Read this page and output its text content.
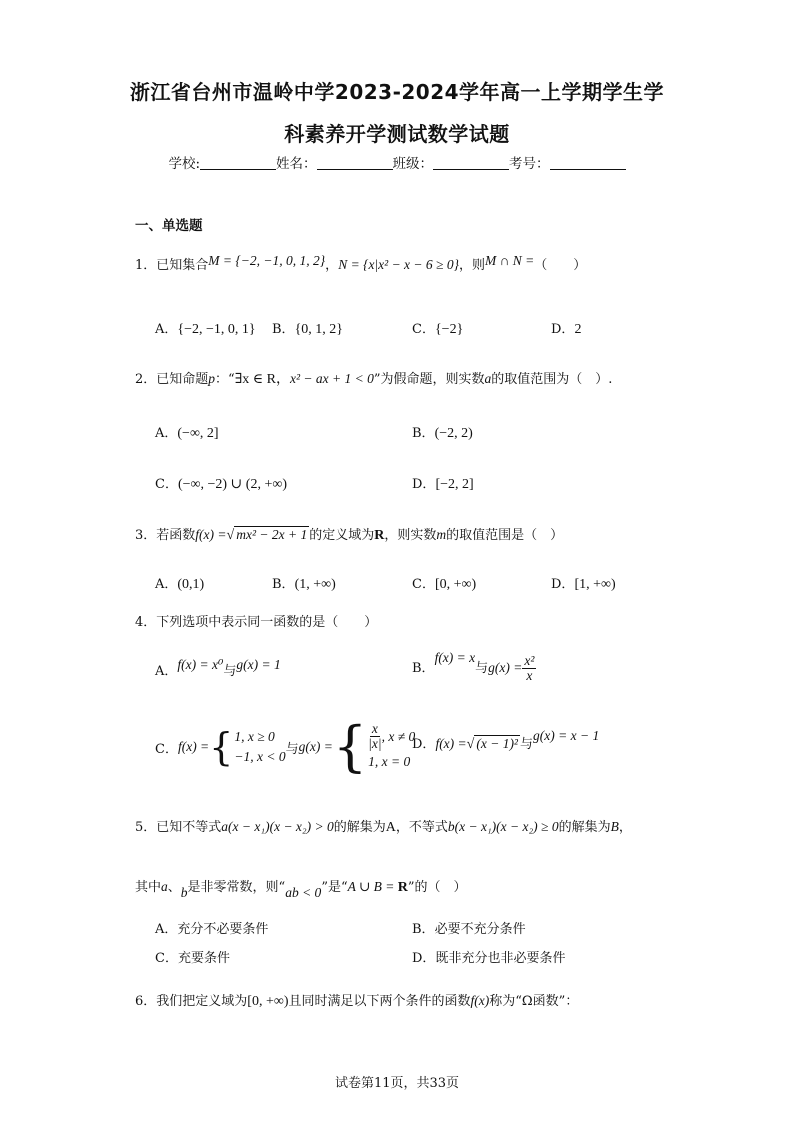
浙江省台州市温岭中学2023-2024学年高一上学期学生学
科素养开学测试数学试题
学校:	姓名：	班级：	考号：
一、单选题
1．已知集合M = {−2, −1, 0, 1, 2}，N = {x|x² − x − 6 ≥ 0}，则M ∩ N =（　　）
A．{−2, −1, 0, 1} B．{0, 1, 2}	C．{−2}	D．2
2．已知命题p：“∃x ∈ R，x² − ax + 1 < 0”为假命题，则实数a的取值范围为（　）.
A．(−∞, 2]	B．(−2, 2)
C．(−∞, −2) ∪ (2, +∞)	D．[−2, 2]
3．若函数f(x) =√ mx² − 2x + 1 的定义域为R，则实数m的取值范围是（　）
A．(0,1)	B．(1, +∞)	C．[0, +∞)	D．[1, +∞)
4．下列选项中表示同一函数的是（　　）
A．f(x) = x⁰与g(x) = 1	B．f(x) = x与$g(x) = \frac{\text{x²}}{x}$
C． f(x) = { 1, x ≥ 0
−1, x < 0 与 g(x) = { $\frac{x}{|x|}$ , x ≠ 0
1, x = 0
D．f(x) =√ (x − 1)² 与g(x) = x − 1
5．已知不等式a(x − x₁)(x − x₂) > 0的解集为A，不等式b(x − x₁)(x − x₂) ≥ 0的解集为B，
其中a、b是非零常数，则“ab < 0”是“A ∪ B = R”的（　）
A．充分不必要条件	B．必要不充分条件
C．充要条件	D．既非充分也非必要条件
6．我们把定义域为[0, +∞)且同时满足以下两个条件的函数f(x)称为“Ω函数”：
试卷第11页，共33页
